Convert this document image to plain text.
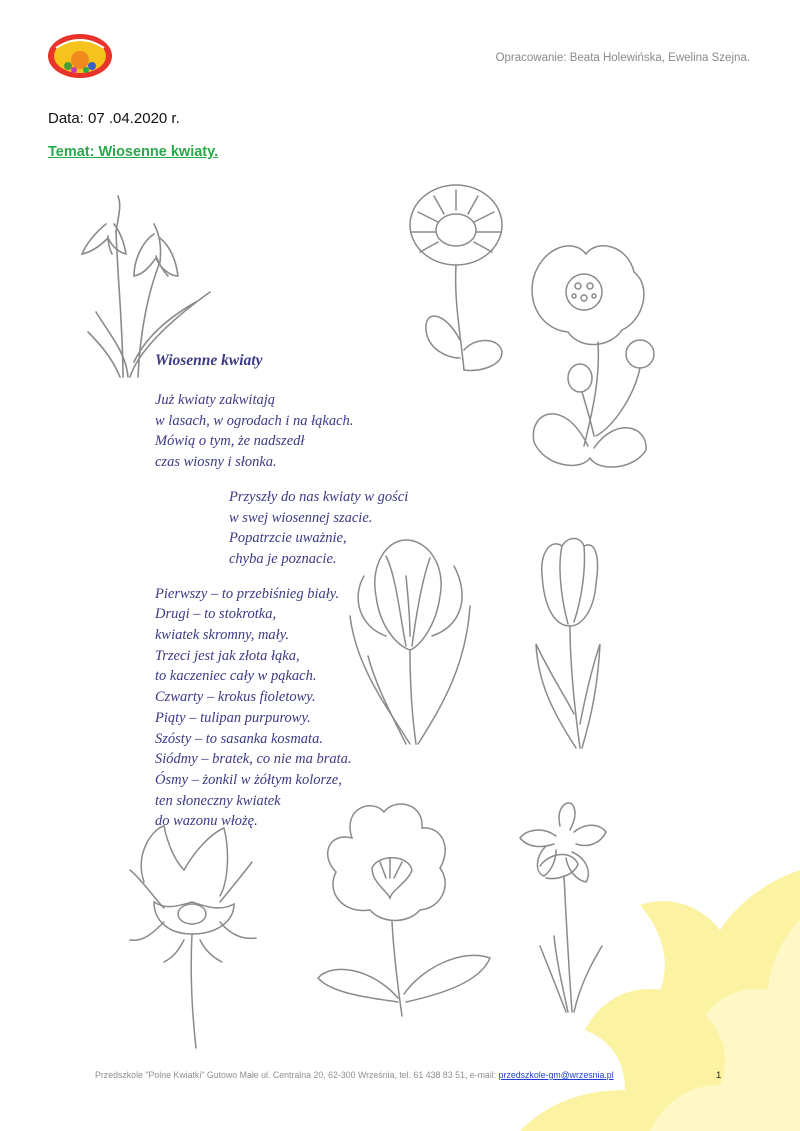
Opracowanie: Beata Holewińska, Ewelina Szejna.
Data: 07 .04.2020 r.
Temat: Wiosenne kwiaty.
Wiosenne kwiaty
Już kwiaty zakwitają
w lasach, w ogrodach i na łąkach.
Mówią o tym, że nadszedł
czas wiosny i słonka.
Przyszły do nas kwiaty w gości
w swej wiosennej szacie.
Popatrzcie uważnie,
chyba je poznacie.
Pierwszy – to przebiśnieg biały.
Drugi – to stokrotka,
kwiatek skromny, mały.
Trzeci jest jak złota łąka,
to kaczeniec cały w pąkach.
Czwarty – krokus fioletowy.
Piąty – tulipan purpurowy.
Szósty – to sasanka kosmata.
Siódmy – bratek, co nie ma brata.
Ósmy – żonkil w żółtym kolorze,
ten słoneczny kwiatek
do wazonu włożę.
Przedszkole "Polne Kwiatki" Gutowo Małe ul. Centralna 20, 62-300 Września, tel. 61 438 83 51, e-mail: przedszkole-gm@wrzesnia.pl	1
